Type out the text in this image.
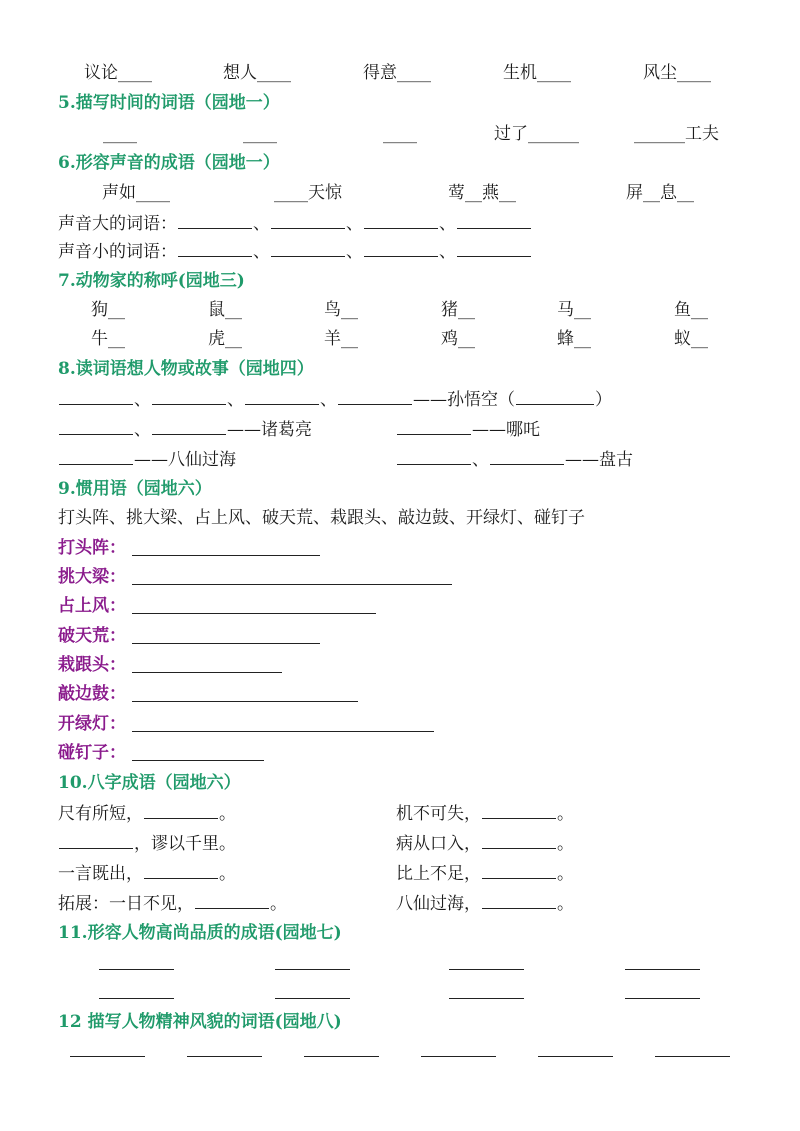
议论____	想人____	得意____	生机____	风尘____
5.描写时间的词语（园地一）
____	____	____	过了______	______工夫
6.形容声音的成语（园地一）
声如____	____天惊	莺__燕__	屏__息__
声音大的词语：	、	、	、
声音小的词语：	、	、	、
7.动物家的称呼(园地三)
狗__	鼠__	鸟__	猪__	马__	鱼__
牛__	虎__	羊__	鸡__	蜂__	蚁__
8.读词语想人物或故事（园地四）
、	、	、	——孙悟空（	）
、	——诸葛亮	——哪吒
——八仙过海	、	——盘古
9.惯用语（园地六）
打头阵、挑大梁、占上风、破天荒、栽跟头、敲边鼓、开绿灯、碰钉子
打头阵：
挑大梁：
占上风：
破天荒：
栽跟头：
敲边鼓：
开绿灯：
碰钉子：
10.八字成语（园地六）
尺有所短，	。	机不可失，	。
，谬以千里。	病从口入，	。
一言既出，	。	比上不足，	。
拓展：一日不见，	。	八仙过海，	。
11.形容人物高尚品质的成语(园地七)
12 描写人物精神风貌的词语(园地八)
